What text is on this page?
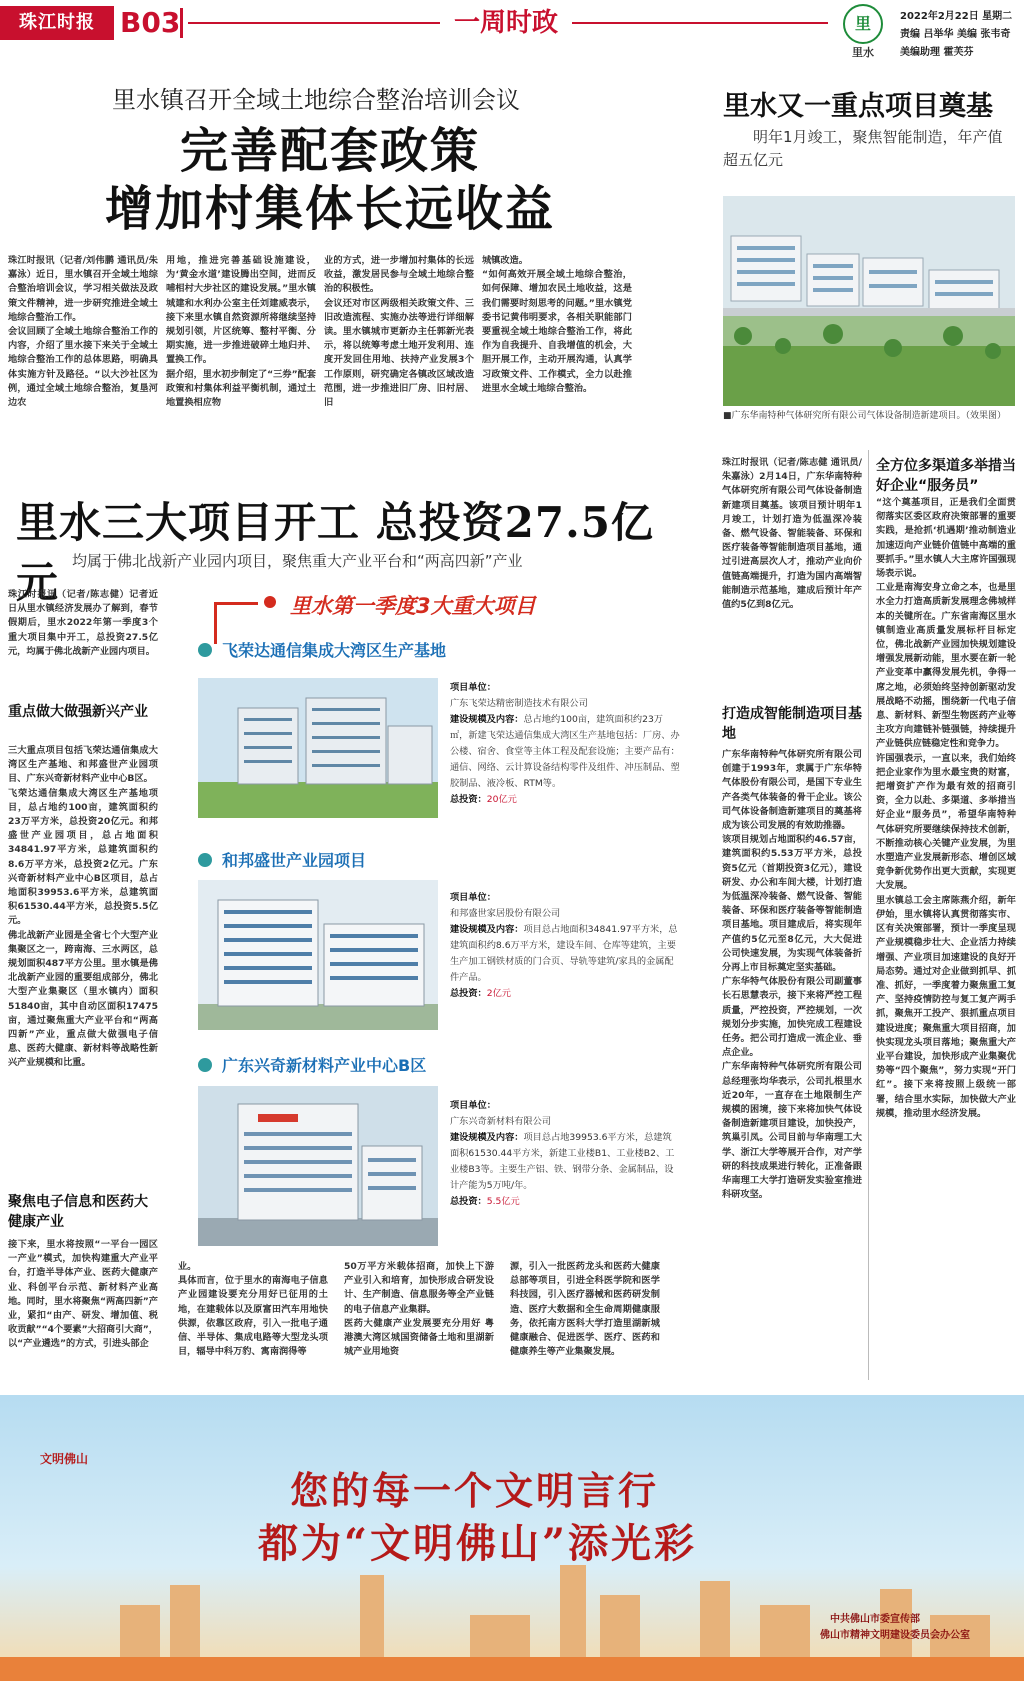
珠江时报 B03	一周时政	里
里水
2022年2月22日 星期二
责编 吕举华 美编 张韦奇
美编助理 霍芙芬
里水镇召开全域土地综合整治培训会议
完善配套政策
增加村集体长远收益
珠江时报讯（记者/刘伟鹏 通讯员/朱嘉泳）近日，里水镇召开全域土地综合整治培训会议，学习相关做法及政策文件精神，进一步研究推进全域土地综合整治工作。
会议回顾了全域土地综合整治工作的内容，介绍了里水接下来关于全域土地综合整治工作的总体思路，明确具体实施方针及路径。“以大沙社区为例，通过全域土地综合整治，复垦河边农
用地，推进完善基础设施建设，为‘黄金水道’建设腾出空间，进而反哺相村大步社区的建设发展。”里水镇城建和水利办公室主任刘建威表示，接下来里水镇自然资源所将继续坚持规划引领，片区统筹、整村平衡、分期实施，进一步推进破碎土地归并、置换工作。
据介绍，里水初步制定了“三券”配套政策和村集体利益平衡机制，通过土地置换相应物
业的方式，进一步增加村集体的长远收益，激发居民参与全域土地综合整治的积极性。
会议还对市区两级相关政策文件、三旧改造流程、实施办法等进行详细解读。里水镇城市更新办主任郭新光表示，将以统筹考虑土地开发利用、连度开发回住用地、扶持产业发展3个工作原则，研究确定各镇改区域改造范围，进一步推进旧厂房、旧村居、旧
城镇改造。
“如何高效开展全域土地综合整治，如何保障、增加农民土地收益，这是我们需要时刻思考的问题。”里水镇党委书记黄伟明要求，各相关职能部门要重视全域土地综合整治工作，将此作为自我提升、自我增值的机会，大胆开展工作，主动开展沟通，认真学习政策文件、工作模式，全力以赴推进里水全域土地综合整治。
里水又一重点项目奠基
明年1月竣工，聚焦智能制造，年产值超五亿元
■广东华南特种气体研究所有限公司气体设备制造新建项目。（效果图）
珠江时报讯（记者/陈志健 通讯员/朱嘉泳）2月14日，广东华南特种气体研究所有限公司气体设备制造新建项目奠基。该项目预计明年1月竣工，计划打造为低温深冷装备、燃气设备、智能装备、环保和医疗装备等智能制造项目基地，通过引进高层次人才，推动产业向价值链高端提升，打造为国内高端智能制造示范基地，建成后预计年产值约5亿到8亿元。
打造成智能制造项目基地
广东华南特种气体研究所有限公司创建于1993年，隶属于广东华特气体股份有限公司，是国下专业生产各类气体装备的骨干企业。该公司气体设备制造新建项目的奠基将成为该公司发展的有效助推器。
该项目规划占地面积约46.57亩，建筑面积约5.53万平方米，总投资5亿元（首期投资3亿元），建设研发、办公和车间大楼，计划打造为低温深冷装备、燃气设备、智能装备、环保和医疗装备等智能制造项目基地。项目建成后，将实现年产值约5亿元至8亿元，大大促进公司快速发展，为实现气体装备折分再上市目标奠定坚实基础。
广东华特气体股份有限公司副董事长石思慧表示，接下来将严控工程质量，严控投资，严控规划，一次规划分步实施，加快完成工程建设任务。把公司打造成一流企业、垂点企业。
广东华南特种气体研究所有限公司总经理张均华表示，公司扎根里水近20年，一直存在土地限制生产规模的困境，接下来将加快气体设备制造新建项目建设，加快投产，筑巢引凤。公司目前与华南理工大学、浙江大学等展开合作，对产学研的科技成果进行转化，正准备跟华南理工大学打造研发实验室推进科研攻坚。
全方位多渠道多举措当好企业“服务员”
“这个奠基项目，正是我们全面贯彻落实区委区政府决策部署的重要实践，是抢抓‘机遇期’推动制造业加速迈向产业链价值链中高端的重要抓手。”里水镇人大主席许国强现场表示说。
工业是南海安身立命之本，也是里水全力打造高质新发展理念佛城样本的关键所在。广东省南海区里水镇制造业高质量发展标杆目标定位，佛北战新产业园加快规划建设增强发展新动能，里水要在新一轮产业变革中赢得发展先机，争得一席之地，必须始终坚持创新驱动发展战略不动摇，围绕新一代电子信息、新材料、新型生物医药产业等主攻方向建链补链强链，持续提升产业链供应链稳定性和竞争力。
许国强表示，一直以来，我们始终把企业家作为里水最宝贵的财富，把增资扩产作为最有效的招商引资，全力以赴、多渠道、多举措当好企业“服务员”，希望华南特种气体研究所要继续保持技术创新，不断推动核心关键产业发展，为里水塑造产业发展新形态、增创区域竞争新优势作出更大贡献，实现更大发展。
里水镇总工会主席陈燕介绍，新年伊始，里水镇将认真贯彻落实市、区有关决策部署，预计一季度呈现产业规模稳步壮大、企业活力持续增强、产业项目加速建设的良好开局态势。通过对企业做到抓早、抓准、抓好，一季度着力聚焦重工复产、坚持疫情防控与复工复产两手抓，聚焦开工投产、狠抓重点项目建设进度；聚焦重大项目招商，加快实现龙头项目落地；聚焦重大产业平台建设，加快形成产业集聚优势等“四个聚焦”，努力实现“开门红”。接下来将按照上级统一部署，结合里水实际，加快做大产业规模，推动里水经济发展。
里水三大项目开工 总投资27.5亿元 均属于佛北战新产业园内项目，聚焦重大产业平台和“两高四新”产业
里水第一季度3大重大项目
珠江时报讯（记者/陈志健）记者近日从里水镇经济发展办了解到，春节假期后，里水2022年第一季度3个重大项目集中开工，总投资27.5亿元，均属于佛北战新产业园内项目。
重点做大做强新兴产业
三大重点项目包括飞荣达通信集成大湾区生产基地、和邦盛世产业园项目、广东兴奇新材料产业中心B区。
飞荣达通信集成大湾区生产基地项目，总占地约100亩，建筑面积约23万平方米，总投资20亿元。和邦盛世产业园项目，总占地面积34841.97平方米，总建筑面积约8.6万平方米，总投资2亿元。广东兴奇新材料产业中心B区项目，总占地面积39953.6平方米，总建筑面积61530.44平方米，总投资5.5亿元。
佛北战新产业园是全省七个大型产业集聚区之一，跨南海、三水两区，总规划面积487平方公里。里水镇是佛北战新产业园的重要组成部分，佛北大型产业集聚区（里水镇内）面积51840亩，其中自动区面积17475亩，通过聚焦重大产业平台和“两高四新”产业，重点做大做强电子信息、医药大健康、新材料等战略性新兴产业规模和比重。
聚焦电子信息和医药大健康产业
接下来，里水将按照“一平台一园区一产业”模式，加快构建重大产业平台，打造半导体产业、医药大健康产业、科创平台示范、新材料产业高地。同时，里水将聚焦“两高四新”产业，紧扣“由产、研发、增加值、税收贡献”“4个要素”大招商引大商”，以“产业遴选”的方式，引进头部企
飞荣达通信集成大湾区生产基地
项目单位：
广东飞荣达精密制造技术有限公司
建设规模及内容：总占地约100亩，建筑面积约23万㎡，新建飞荣达通信集成大湾区生产基地包括：厂房、办公楼、宿舍、食堂等主体工程及配套设施；主要产品有：通信、网络、云计算设备结构零件及组件、冲压制品、塑胶制品、液冷板、RTM等。
总投资：20亿元
和邦盛世产业园项目
项目单位：
和邦盛世家居股份有限公司
建设规模及内容：项目总占地面积34841.97平方米，总建筑面积约8.6万平方米，建设车间、仓库等建筑，主要生产加工钢铁材质的门合页、导轨等建筑/家具的金属配件产品。
总投资：2亿元
广东兴奇新材料产业中心B区
项目单位：
广东兴奇新材料有限公司
建设规模及内容：项目总占地39953.6平方米，总建筑面积61530.44平方米，新建工业楼B1、工业楼B2、工业楼B3等。主要生产铝、铁、钢带分条、金属制品，设计产能为5万吨/年。
总投资：5.5亿元
业。
具体而言，位于里水的南海电子信息产业园建设要充分用好已征用的土地，在建载体以及原富田汽车用地快供源，依靠区政府，引入一批电子通信、半导体、集成电路等大型龙头项目，辐导中科万豹、寓南润得等
50万平方米载体招商，加快上下游产业引入和培育，加快形成合研发设计、生产制造、信息服务等全产业链的电子信息产业集群。
医药大健康产业发展要充分用好 粤港澳大湾区城国资储备土地和里湖新城产业用地资
源，引入一批医药龙头和医药大健康总部等项目，引进全科医学院和医学科技园，引入医疗器械和医药研发制造、医疗大数据和全生命周期健康服务，依托南方医科大学打造里湖新城健康融合、促进医学、医疗、医药和健康养生等产业集聚发展。
文明佛山
您的每一个文明言行
都为“文明佛山”添光彩
中共佛山市委宣传部
佛山市精神文明建设委员会办公室
